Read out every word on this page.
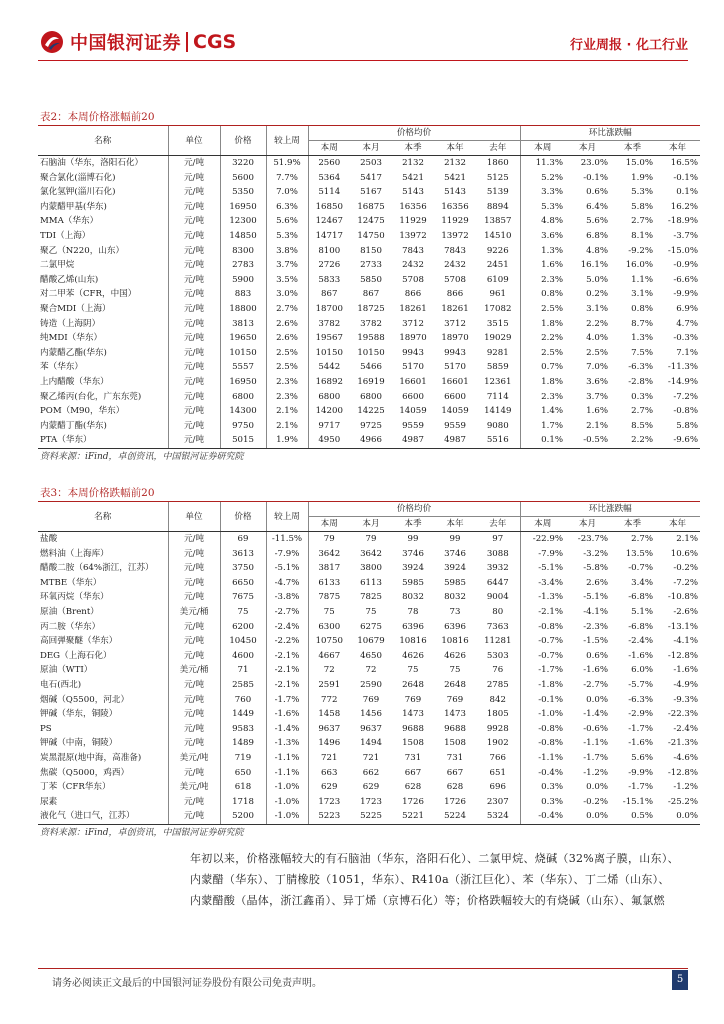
中国银河证券 CGS	行业周报 · 化工行业
表2：本周价格涨幅前20
名称	单位	价格	较上周	价格均价					环比涨跌幅			
				本周	本月	本季	本年	去年	本周	本月	本季	本年
石脑油（华东，洛阳石化）	元/吨	3220	51.9%	2560	2503	2132	2132	1860	11.3%	23.0%	15.0%	16.5%
聚合氯化(淄博石化)	元/吨	5600	7.7%	5364	5417	5421	5421	5125	5.2%	-0.1%	1.9%	-0.1%
氯化氢钾(淄川石化)	元/吨	5350	7.0%	5114	5167	5143	5143	5139	3.3%	0.6%	5.3%	0.1%
内蒙醋甲基(华东)	元/吨	16950	6.3%	16850	16875	16356	16356	8894	5.3%	6.4%	5.8%	16.2%
MMA（华东）	元/吨	12300	5.6%	12467	12475	11929	11929	13857	4.8%	5.6%	2.7%	-18.9%
TDI（上海）	元/吨	14850	5.3%	14717	14750	13972	13972	14510	3.6%	6.8%	8.1%	-3.7%
聚乙（N220，山东）	元/吨	8300	3.8%	8100	8150	7843	7843	9226	1.3%	4.8%	-9.2%	-15.0%
二氯甲烷	元/吨	2783	3.7%	2726	2733	2432	2432	2451	1.6%	16.1%	16.0%	-0.9%
醋酸乙烯(山东)	元/吨	5900	3.5%	5833	5850	5708	5708	6109	2.3%	5.0%	1.1%	-6.6%
对二甲苯（CFR，中国）	元/吨	883	3.0%	867	867	866	866	961	0.8%	0.2%	3.1%	-9.9%
聚合MDI（上海）	元/吨	18800	2.7%	18700	18725	18261	18261	17082	2.5%	3.1%	0.8%	6.9%
铸造（上海阴）	元/吨	3813	2.6%	3782	3782	3712	3712	3515	1.8%	2.2%	8.7%	4.7%
纯MDI（华东）	元/吨	19650	2.6%	19567	19588	18970	18970	19029	2.2%	4.0%	1.3%	-0.3%
内蒙醋乙酯(华东)	元/吨	10150	2.5%	10150	10150	9943	9943	9281	2.5%	2.5%	7.5%	7.1%
苯（华东）	元/吨	5557	2.5%	5442	5466	5170	5170	5859	0.7%	7.0%	-6.3%	-11.3%
上内醋酸（华东）	元/吨	16950	2.3%	16892	16919	16601	16601	12361	1.8%	3.6%	-2.8%	-14.9%
聚乙烯丙(台化，广东东莞)	元/吨	6800	2.3%	6800	6800	6600	6600	7114	2.3%	3.7%	0.3%	-7.2%
POM（M90，华东）	元/吨	14300	2.1%	14200	14225	14059	14059	14149	1.4%	1.6%	2.7%	-0.8%
内蒙醋丁酯(华东)	元/吨	9750	2.1%	9717	9725	9559	9559	9080	1.7%	2.1%	8.5%	5.8%
PTA（华东）	元/吨	5015	1.9%	4950	4966	4987	4987	5516	0.1%	-0.5%	2.2%	-9.6%
资料来源：iFind，卓创资讯，中国银河证券研究院
表3：本周价格跌幅前20
名称	单位	价格	较上周	价格均价					环比涨跌幅			
				本周	本月	本季	本年	去年	本周	本月	本季	本年
盐酸	元/吨	69	-11.5%	79	79	99	99	97	-22.9%	-23.7%	2.7%	2.1%
燃料油（上海库）	元/吨	3613	-7.9%	3642	3642	3746	3746	3088	-7.9%	-3.2%	13.5%	10.6%
醋酸二胺（64%浙江，江苏）	元/吨	3750	-5.1%	3817	3800	3924	3924	3932	-5.1%	-5.8%	-0.7%	-0.2%
MTBE（华东）	元/吨	6650	-4.7%	6133	6113	5985	5985	6447	-3.4%	2.6%	3.4%	-7.2%
环氧丙烷（华东）	元/吨	7675	-3.8%	7875	7825	8032	8032	9004	-1.3%	-5.1%	-6.8%	-10.8%
原油（Brent）	美元/桶	75	-2.7%	75	75	78	73	80	-2.1%	-4.1%	5.1%	-2.6%
丙二胺（华东）	元/吨	6200	-2.4%	6300	6275	6396	6396	7363	-0.8%	-2.3%	-6.8%	-13.1%
高回弹聚醚（华东）	元/吨	10450	-2.2%	10750	10679	10816	10816	11281	-0.7%	-1.5%	-2.4%	-4.1%
DEG（上海石化）	元/吨	4600	-2.1%	4667	4650	4626	4626	5303	-0.7%	0.6%	-1.6%	-12.8%
原油（WTI）	美元/桶	71	-2.1%	72	72	75	75	76	-1.7%	-1.6%	6.0%	-1.6%
电石(西北)	元/吨	2585	-2.1%	2591	2590	2648	2648	2785	-1.8%	-2.7%	-5.7%	-4.9%
烟碱（Q5500，河北）	元/吨	760	-1.7%	772	769	769	769	842	-0.1%	0.0%	-6.3%	-9.3%
钾碱（华东，铜陵）	元/吨	1449	-1.6%	1458	1456	1473	1473	1805	-1.0%	-1.4%	-2.9%	-22.3%
PS	元/吨	9583	-1.4%	9637	9637	9688	9688	9928	-0.8%	-0.6%	-1.7%	-2.4%
钾碱（中南，铜陵）	元/吨	1489	-1.3%	1496	1494	1508	1508	1902	-0.8%	-1.1%	-1.6%	-21.3%
炭黑混原(地中海，高准备)	美元/吨	719	-1.1%	721	721	731	731	766	-1.1%	-1.7%	5.6%	-4.6%
焦碳（Q5000，鸡西）	元/吨	650	-1.1%	663	662	667	667	651	-0.4%	-1.2%	-9.9%	-12.8%
丁苯（CFR华东）	美元/吨	618	-1.0%	629	629	628	628	696	0.3%	0.0%	-1.7%	-1.2%
尿素	元/吨	1718	-1.0%	1723	1723	1726	1726	2307	0.3%	-0.2%	-15.1%	-25.2%
液化气（进口气，江苏）	元/吨	5200	-1.0%	5223	5225	5221	5224	5324	-0.4%	0.0%	0.5%	0.0%
资料来源：iFind，卓创资讯，中国银河证券研究院

年初以来，价格涨幅较大的有石脑油（华东，洛阳石化）、二氯甲烷、烧碱（32%离子膜，山东）、

内蒙醋（华东）、丁腈橡胶（1051，华东）、R410a（浙江巨化）、苯（华东）、丁二烯（山东）、

内蒙醋酸（晶体，浙江鑫甬）、异丁烯（京博石化）等；价格跌幅较大的有烧碱（山东）、氟氯燃

请务必阅读正文最后的中国银河证券股份有限公司免责声明。	5
